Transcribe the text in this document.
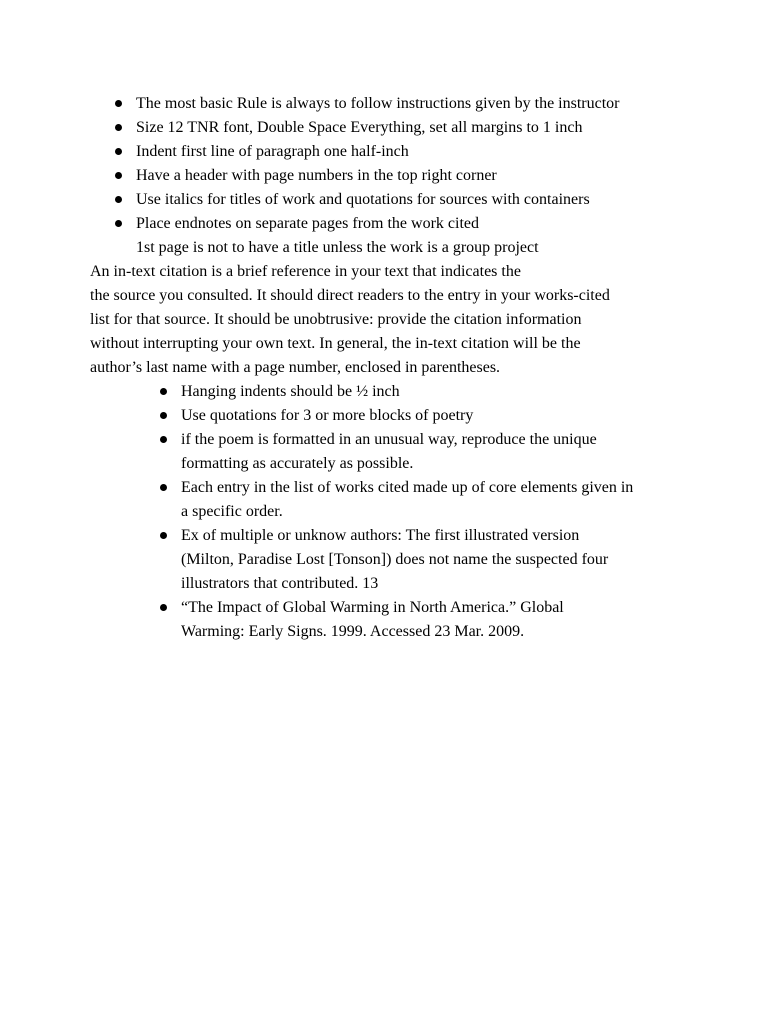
The most basic Rule is always to follow instructions given by the instructor
Size 12 TNR font, Double Space Everything, set all margins to 1 inch
Indent first line of paragraph one half-inch
Have a header with page numbers in the top right corner
Use italics for titles of work and quotations for sources with containers
Place endnotes on separate pages from the work cited
1st page is not to have a title unless the work is a group project
An in-text citation is a brief reference in your text that indicates the
the source you consulted. It should direct readers to the entry in your works-cited
list for that source. It should be unobtrusive: provide the citation information
without interrupting your own text. In general, the in-text citation will be the
author’s last name with a page number, enclosed in parentheses.
Hanging indents should be ½ inch
Use quotations for 3 or more blocks of poetry
if the poem is formatted in an unusual way, reproduce the unique
formatting as accurately as possible.
Each entry in the list of works cited made up of core elements given in
a specific order.
Ex of multiple or unknow authors: The first illustrated version
(Milton, Paradise Lost [Tonson]) does not name the suspected four
illustrators that contributed. 13
“The Impact of Global Warming in North America.” Global
Warming: Early Signs. 1999. Accessed 23 Mar. 2009.
